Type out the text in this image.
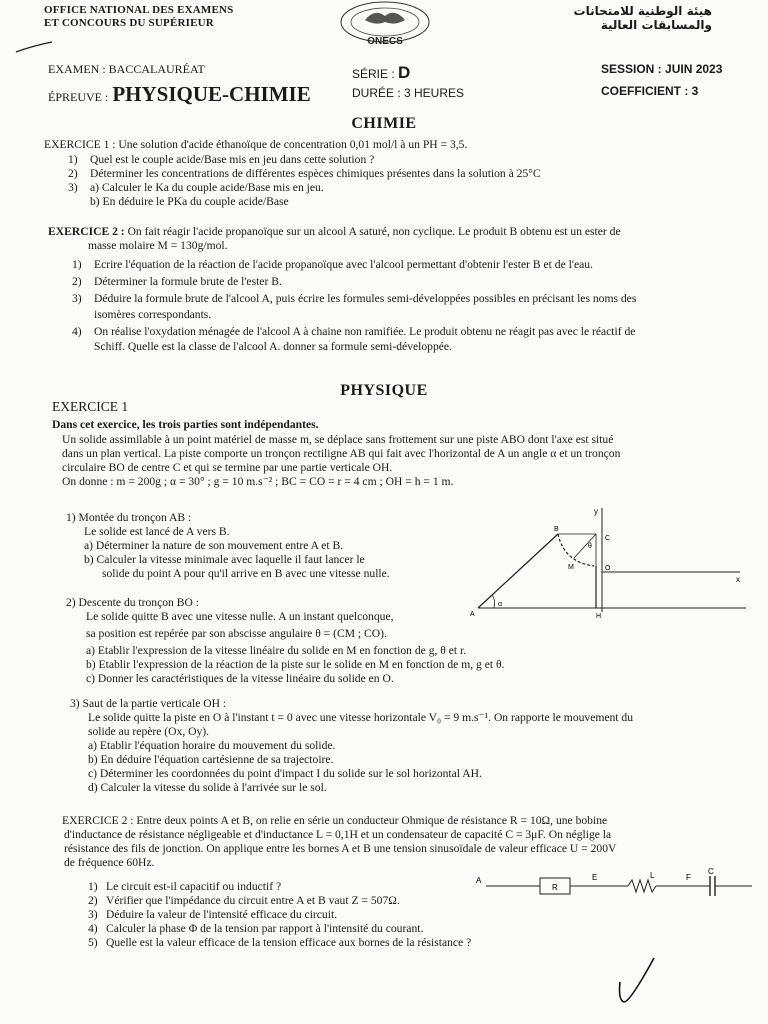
OFFICE NATIONAL DES EXAMENS
ET CONCOURS DU SUPÉRIEUR
ONECS
هيئة الوطنية للامتحانات
والمسابقات العالية
EXAMEN : BACCALAURÉAT	SÉRIE : D	SESSION : JUIN 2023
ÉPREUVE : PHYSIQUE-CHIMIE	DURÉE : 3 HEURES	COEFFICIENT : 3
CHIMIE
EXERCICE 1 : Une solution d'acide éthanoïque de concentration 0,01 mol/l à un PH = 3,5.
1) Quel est le couple acide/Base mis en jeu dans cette solution ?
2) Déterminer les concentrations de différentes espèces chimiques présentes dans la solution à 25°C
3) a) Calculer le Ka du couple acide/Base mis en jeu.
b) En déduire le PKa du couple acide/Base
EXERCICE 2 : On fait réagir l'acide propanoïque sur un alcool A saturé, non cyclique. Le produit B obtenu est un ester de
masse molaire M = 130g/mol.
1) Ecrire l'équation de la réaction de l'acide propanoïque avec l'alcool permettant d'obtenir l'ester B et de l'eau.
2) Déterminer la formule brute de l'ester B.
3) Déduire la formule brute de l'alcool A, puis écrire les formules semi-développées possibles en précisant les noms des
isomères correspondants.
4) On réalise l'oxydation ménagée de l'alcool A à chaine non ramifiée. Le produit obtenu ne réagit pas avec le réactif de
Schiff. Quelle est la classe de l'alcool A. donner sa formule semi-développée.
PHYSIQUE
EXERCICE 1
Dans cet exercice, les trois parties sont indépendantes.
Un solide assimilable à un point matériel de masse m, se déplace sans frottement sur une piste ABO dont l'axe est situé
dans un plan vertical. La piste comporte un tronçon rectiligne AB qui fait avec l'horizontal de A un angle α et un tronçon
circulaire BO de centre C et qui se termine par une partie verticale OH.
On donne : m = 200g ; α = 30° ; g = 10 m.s⁻² ; BC = CO = r = 4 cm ; OH = h = 1 m.
1) Montée du tronçon AB :
Le solide est lancé de A vers B.
a) Déterminer la nature de son mouvement entre A et B.
b) Calculer la vitesse minimale avec laquelle il faut lancer le
solide du point A pour qu'il arrive en B avec une vitesse nulle.
2) Descente du tronçon BO :
Le solide quitte B avec une vitesse nulle. A un instant quelconque,
sa position est repérée par son abscisse angulaire θ = (CM ; CO).
a) Etablir l'expression de la vitesse linéaire du solide en M en fonction de g, θ et r.
b) Etablir l'expression de la réaction de la piste sur le solide en M en fonction de m, g et θ.
c) Donner les caractéristiques de la vitesse linéaire du solide en O.
3) Saut de la partie verticale OH :
Le solide quitte la piste en O à l'instant t = 0 avec une vitesse horizontale V₀ = 9 m.s⁻¹. On rapporte le mouvement du
solide au repère (Ox, Oy).
a) Etablir l'équation horaire du mouvement du solide.
b) En déduire l'équation cartésienne de sa trajectoire.
c) Déterminer les coordonnées du point d'impact I du solide sur le sol horizontal AH.
d) Calculer la vitesse du solide à l'arrivée sur le sol.
y
x
B
C
θ
M	O
α
A	H
EXERCICE 2 : Entre deux points A et B, on relie en série un conducteur Ohmique de résistance R = 10Ω, une bobine
d'inductance de résistance négligeable et d'inductance L = 0,1H et un condensateur de capacité C = 3μF. On néglige la
résistance des fils de jonction. On applique entre les bornes A et B une tension sinusoïdale de valeur efficace U = 200V
de fréquence 60Hz.
1) Le circuit est-il capacitif ou inductif ?
2) Vérifier que l'impédance du circuit entre A et B vaut Z = 507Ω.
3) Déduire la valeur de l'intensité efficace du circuit.
4) Calculer la phase Φ de la tension par rapport à l'intensité du courant.
5) Quelle est la valeur efficace de la tension efficace aux bornes de la résistance ?
A
R
E	L	F
C
